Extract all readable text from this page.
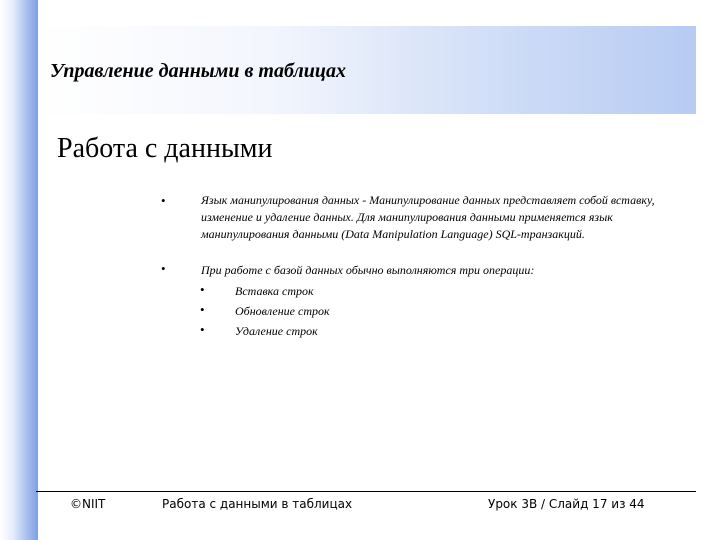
Управление данными в таблицах
Работа с данными
•	Язык манипулирования данных - Манипулирование данных представляет собой вставку, изменение и удаление данных. Для манипулирования данными применяется язык манипулирования данными (Data Manipulation Language) SQL-транзакций.
•	При работе с базой данных обычно выполняются три операции:
•	Вставка строк
•	Обновление строк
•	Удаление строк
©NIIT	Работа с данными в таблицах	Урок 3В / Слайд 17 из 44
